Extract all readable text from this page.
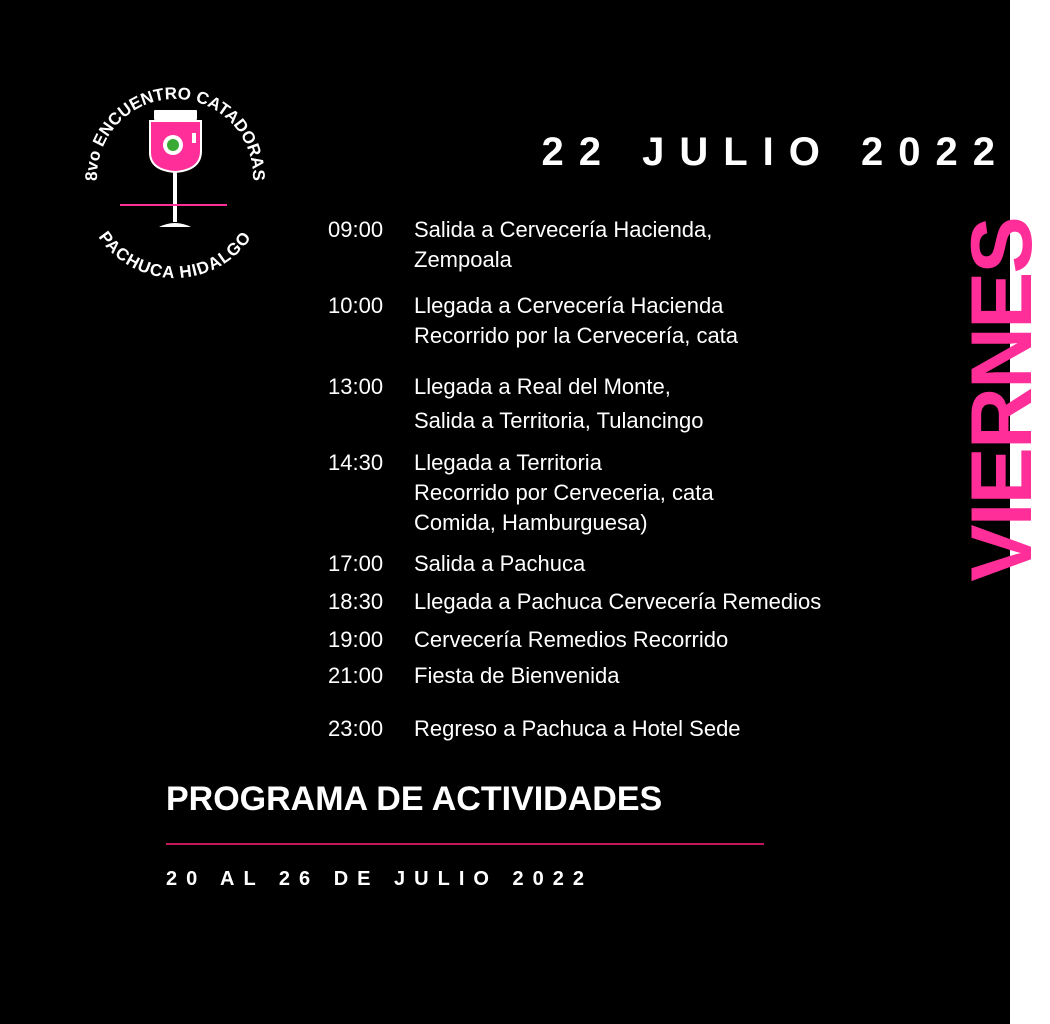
8vo ENCUENTRO CATADORAS
PACHUCA HIDALGO
22 JULIO 2022
VIERNES
09:00 Salida a Cervecería Hacienda,
Zempoala
10:00 Llegada a Cervecería Hacienda
Recorrido por la Cervecería, cata
13:00 Llegada a Real del Monte,
Salida a Territoria, Tulancingo
14:30 Llegada a Territoria
Recorrido por Cerveceria, cata
Comida, Hamburguesa)
17:00 Salida a Pachuca
18:30 Llegada a Pachuca Cervecería Remedios
19:00 Cervecería Remedios Recorrido
21:00 Fiesta de Bienvenida
23:00 Regreso a Pachuca a Hotel Sede
PROGRAMA DE ACTIVIDADES
20 AL 26 DE JULIO 2022
